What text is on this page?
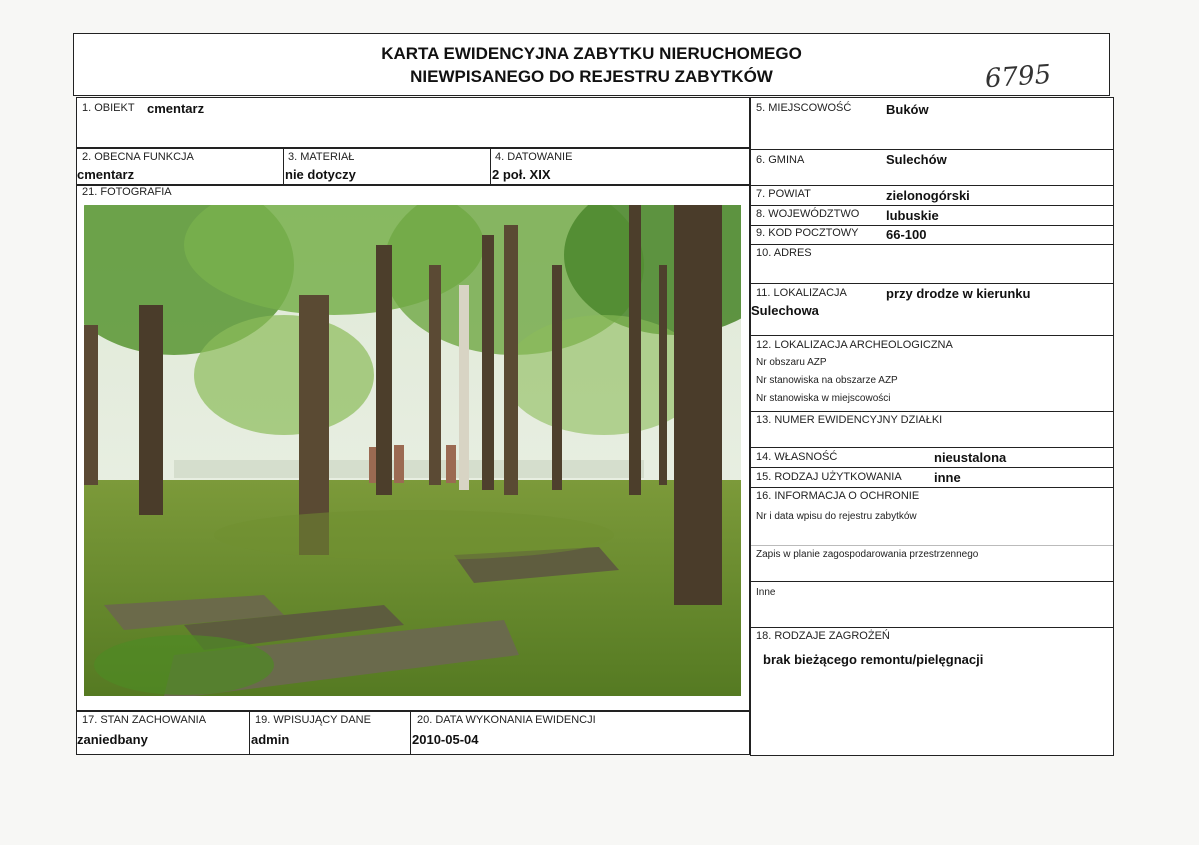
KARTA EWIDENCYJNA ZABYTKU NIERUCHOMEGO
NIEWPISANEGO DO REJESTRU ZABYTKÓW	6795
1. OBIEKT cmentarz
2. OBECNA FUNKCJA
cmentarz
3. MATERIAŁ
nie dotyczy
4. DATOWANIE
2 poł. XIX
21. FOTOGRAFIA
17. STAN ZACHOWANIA
zaniedbany
19. WPISUJĄCY DANE
admin
20. DATA WYKONANIA EWIDENCJI
2010-05-04
5. MIEJSCOWOŚĆ	Buków
6. GMINA	Sulechów
7. POWIAT	zielonogórski
8. WOJEWÓDZTWO lubuskie
9. KOD POCZTOWY 66-100
10. ADRES
11. LOKALIZACJA	przy drodze w kierunku
Sulechowa
12. LOKALIZACJA ARCHEOLOGICZNA
Nr obszaru AZP
Nr stanowiska na obszarze AZP
Nr stanowiska w miejscowości
13. NUMER EWIDENCYJNY DZIAŁKI
14. WŁASNOŚĆ	nieustalona
15. RODZAJ UŻYTKOWANIA inne
16. INFORMACJA O OCHRONIE
Nr i data wpisu do rejestru zabytków
Zapis w planie zagospodarowania przestrzennego
Inne
18. RODZAJE ZAGROŻEŃ
brak bieżącego remontu/pielęgnacji
